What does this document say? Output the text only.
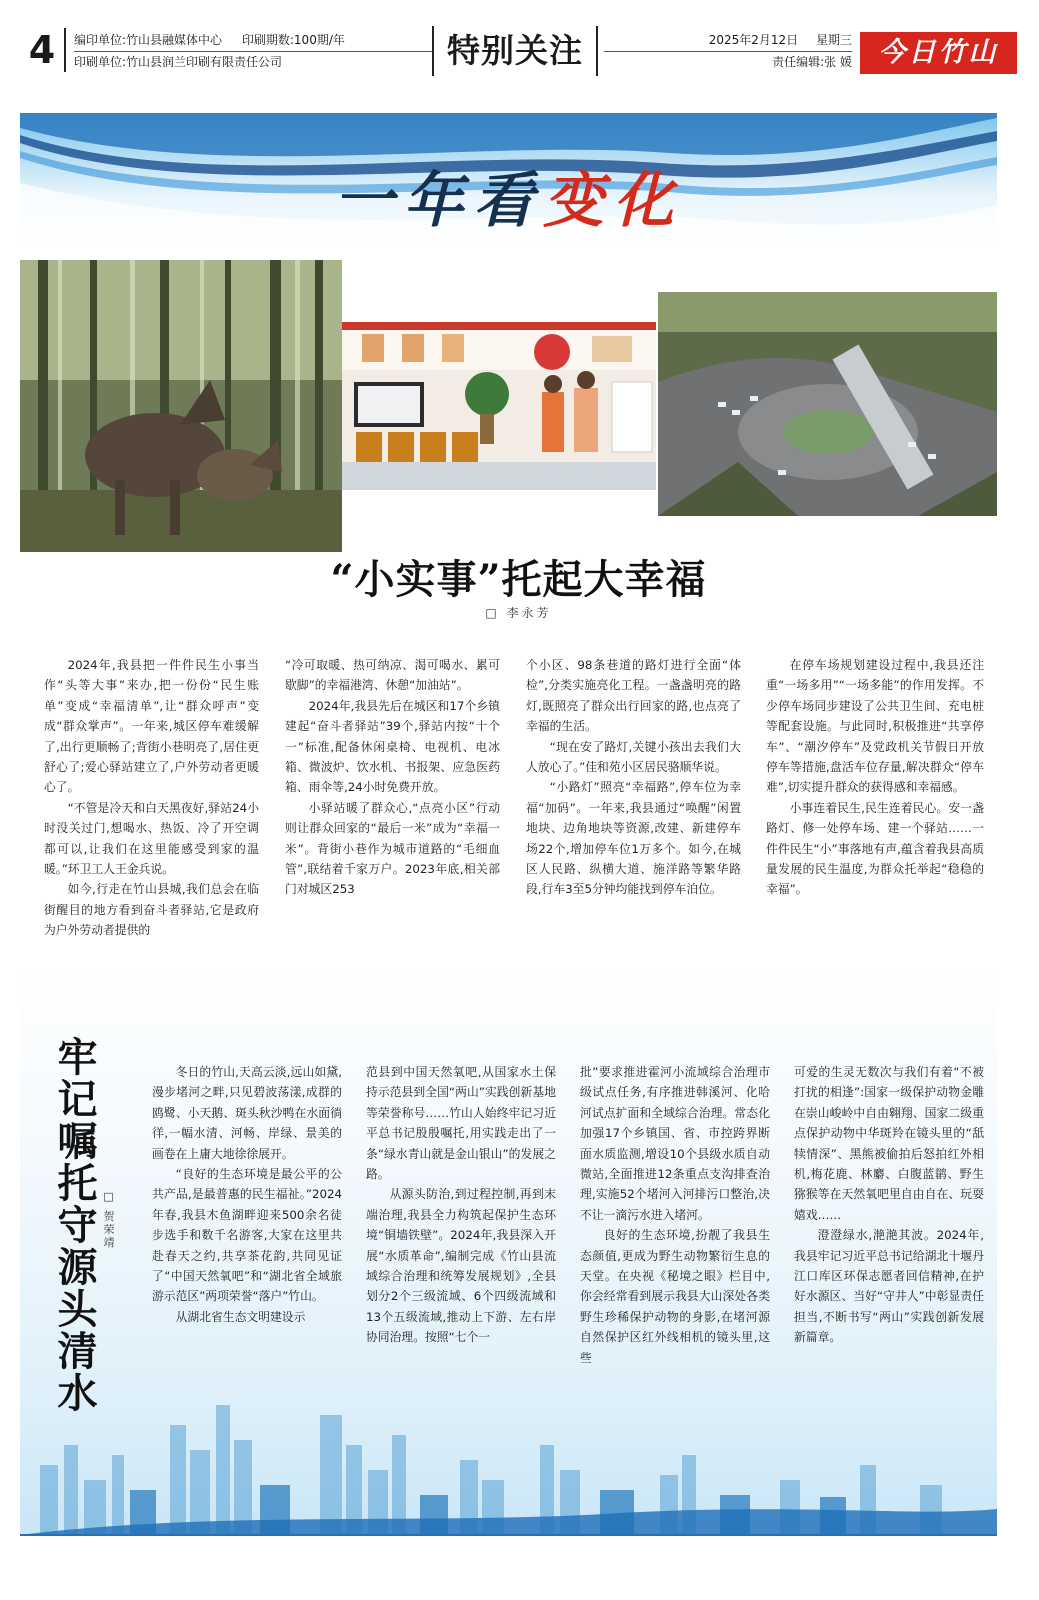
4	编印单位:竹山县融媒体中心 印刷期数:100期/年
印刷单位:竹山县润兰印刷有限责任公司	特别关注	2025年2月12日 星期三
责任编辑:张 媛 今日竹山
一年看变化
“小实事”托起大幸福
□ 李永芳

2024年,我县把一件件民生小事当作“头等大事”来办,把一份份“民生账单”变成“幸福清单”,让“群众呼声”变成“群众掌声”。一年来,城区停车难缓解了,出行更顺畅了;背街小巷明亮了,居住更舒心了;爱心驿站建立了,户外劳动者更暖心了。

“不管是冷天和白天黑夜好,驿站24小时没关过门,想喝水、热饭、冷了开空调都可以,让我们在这里能感受到家的温暖。”环卫工人王金兵说。

如今,行走在竹山县城,我们总会在临街醒目的地方看到奋斗者驿站,它是政府为户外劳动者提供的

“冷可取暖、热可纳凉、渴可喝水、累可歇脚”的幸福港湾、休憩“加油站”。

2024年,我县先后在城区和17个乡镇建起“奋斗者驿站”39个,驿站内按“十个一”标准,配备休闲桌椅、电视机、电冰箱、微波炉、饮水机、书报架、应急医药箱、雨伞等,24小时免费开放。

小驿站暖了群众心,“点亮小区”行动则让群众回家的“最后一米”成为“幸福一米”。背街小巷作为城市道路的“毛细血管”,联结着千家万户。2023年底,相关部门对城区253

个小区、98条巷道的路灯进行全面“体检”,分类实施亮化工程。一盏盏明亮的路灯,既照亮了群众出行回家的路,也点亮了幸福的生活。

“现在安了路灯,关键小孩出去我们大人放心了。”佳和苑小区居民骆顺华说。

“小路灯”照亮“幸福路”,停车位为幸福“加码”。一年来,我县通过“唤醒”闲置地块、边角地块等资源,改建、新建停车场22个,增加停车位1万多个。如今,在城区人民路、纵横大道、施洋路等繁华路段,行车3至5分钟均能找到停车泊位。

在停车场规划建设过程中,我县还注重“一场多用”“一场多能”的作用发挥。不少停车场同步建设了公共卫生间、充电桩等配套设施。与此同时,积极推进“共享停车”、“潮汐停车”及党政机关节假日开放停车等措施,盘活车位存量,解决群众“停车难”,切实提升群众的获得感和幸福感。

小事连着民生,民生连着民心。安一盏路灯、修一处停车场、建一个驿站……一件件民生“小”事落地有声,蕴含着我县高质量发展的民生温度,为群众托举起“稳稳的幸福”。

牢记嘱托守源头清水 □ 贺荣靖

冬日的竹山,天高云淡,远山如黛,漫步堵河之畔,只见碧波荡漾,成群的鸥鹭、小天鹅、斑头秋沙鸭在水面徜徉,一幅水清、河畅、岸绿、景美的画卷在上庸大地徐徐展开。

“良好的生态环境是最公平的公共产品,是最普惠的民生福祉。”2024年春,我县木鱼湖畔迎来500余名徒步选手和数千名游客,大家在这里共赴春天之约,共享茶花韵,共同见证了“中国天然氧吧”和“湖北省全域旅游示范区”两项荣誉“落户”竹山。

从湖北省生态文明建设示

范县到中国天然氧吧,从国家水土保持示范县到全国“两山”实践创新基地等荣誉称号……竹山人始终牢记习近平总书记殷殷嘱托,用实践走出了一条“绿水青山就是金山银山”的发展之路。

从源头防治,到过程控制,再到末端治理,我县全力构筑起保护生态环境“铜墙铁壁”。2024年,我县深入开展“水质革命”,编制完成《竹山县流域综合治理和统筹发展规划》,全县划分2个三级流域、6个四级流域和13个五级流域,推动上下游、左右岸协同治理。按照“七个一

批”要求推进霍河小流域综合治理市级试点任务,有序推进韩溪河、化哈河试点扩面和全域综合治理。常态化加强17个乡镇国、省、市控跨界断面水质监测,增设10个县级水质自动微站,全面推进12条重点支沟排查治理,实施52个堵河入河排污口整治,决不让一滴污水进入堵河。

良好的生态环境,扮靓了我县生态颜值,更成为野生动物繁衍生息的天堂。在央视《秘境之眼》栏目中,你会经常看到展示我县大山深处各类野生珍稀保护动物的身影,在堵河源自然保护区红外线相机的镜头里,这些

可爱的生灵无数次与我们有着“不被打扰的相逢”:国家一级保护动物金雕在崇山峻岭中自由翱翔、国家二级重点保护动物中华斑羚在镜头里的“舐犊情深”、黑熊被偷拍后怒拍红外相机,梅花鹿、林麝、白腹蓝鹟、野生猕猴等在天然氧吧里自由自在、玩耍嬉戏……

澄澄绿水,滟滟其波。2024年,我县牢记习近平总书记给湖北十堰丹江口库区环保志愿者回信精神,在护好水源区、当好“守井人”中彰显责任担当,不断书写“两山”实践创新发展新篇章。
